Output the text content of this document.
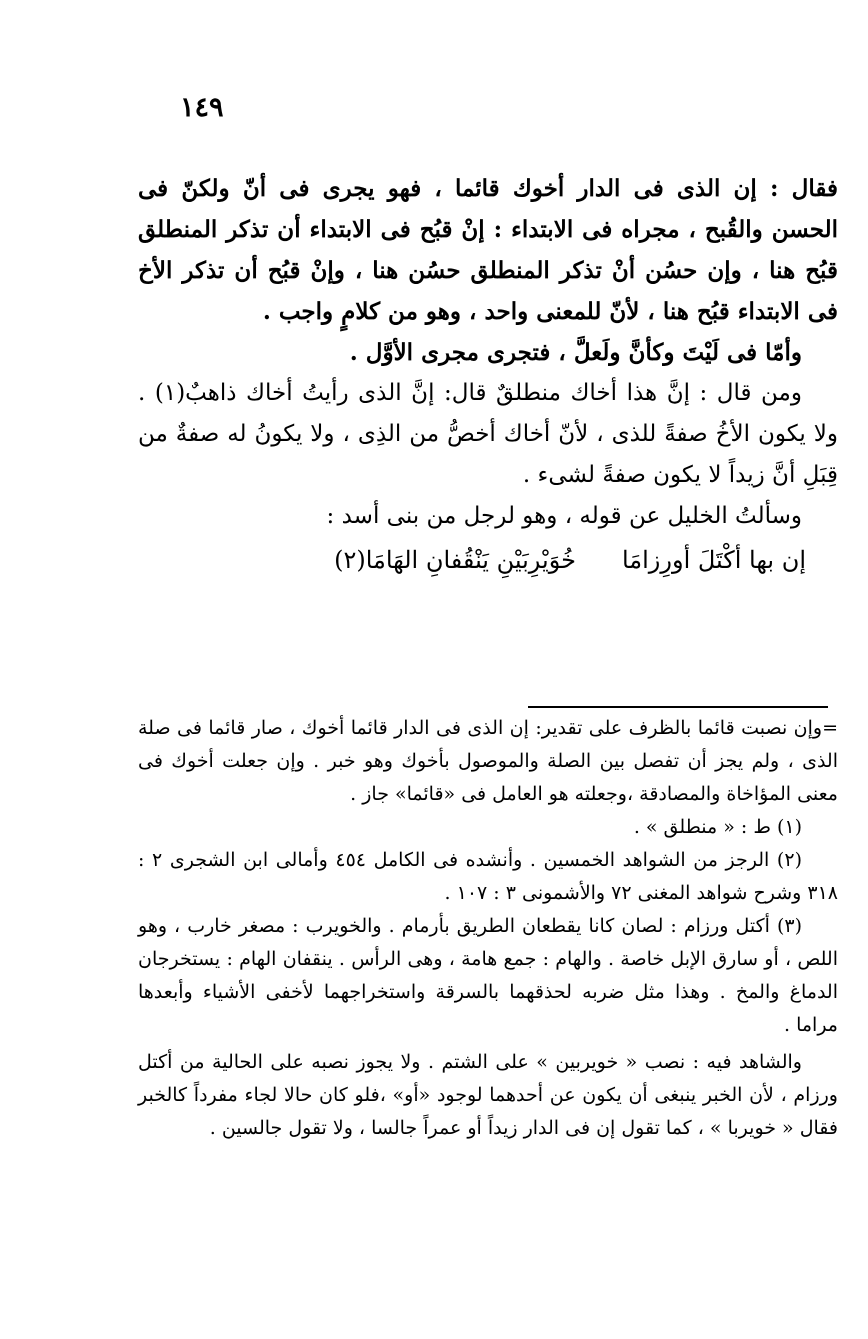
١٤٩

فقال : إن الذى فى الدار أخوك قائما ، فهو يجرى فى أنّ ولكنّ فى الحسن والقُبح ، مجراه فى الابتداء : إنْ قبُح فى الابتداء أن تذكر المنطلق قبُح هنا ، وإن حسُن أنْ تذكر المنطلق حسُن هنا ، وإنْ قبُح أن تذكر الأخ فى الابتداء قبُح هنا ، لأنّ للمعنى واحد ، وهو من كلامٍ واجب .

وأمّا فى لَيْتَ وكأنَّ ولَعلَّ ، فتجرى مجرى الأوَّل .

ومن قال : إنَّ هذا أخاك منطلقٌ قال: إنَّ الذى رأيتُ أخاك ذاهبٌ(١) . ولا يكون الأخُ صفةً للذى ، لأنّ أخاك أخصُّ من الذِى ، ولا يكونُ له صفةٌ من قِبَلِ أنَّ زيداً لا يكون صفةً لشىء .

وسألتُ الخليل عن قوله ، وهو لرجل من بنى أسد :

إن بها أكْتَلَ أورِزامَا
خُوَيْرِبَيْنِ يَنْقُفانِ الهَامَا(٢)

=وإن نصبت قائما بالظرف على تقدير: إن الذى فى الدار قائما أخوك ، صار قائما فى صلة الذى ، ولم يجز أن تفصل بين الصلة والموصول بأخوك وهو خبر . وإن جعلت أخوك فى معنى المؤاخاة والمصادقة ،وجعلته هو العامل فى «قائما» جاز .

(١) ط : « منطلق » .

(٢) الرجز من الشواهد الخمسين . وأنشده فى الكامل ٤٥٤ وأمالى ابن الشجرى ٢ : ٣١٨ وشرح شواهد المغنى ٧٢ والأشمونى ٣ : ١٠٧ .

(٣) أكتل ورزام : لصان كانا يقطعان الطريق بأرمام . والخويرب : مصغر خارب ، وهو اللص ، أو سارق الإبل خاصة . والهام : جمع هامة ، وهى الرأس . ينقفان الهام : يستخرجان الدماغ والمخ . وهذا مثل ضربه لحذقهما بالسرقة واستخراجهما لأخفى الأشياء وأبعدها مراما .

والشاهد فيه : نصب « خويربين » على الشتم . ولا يجوز نصبه على الحالية من أكتل ورزام ، لأن الخبر ينبغى أن يكون عن أحدهما لوجود «أو» ،فلو كان حالا لجاء مفرداً كالخبر فقال « خويربا » ، كما تقول إن فى الدار زيداً أو عمراً جالسا ، ولا تقول جالسين .
